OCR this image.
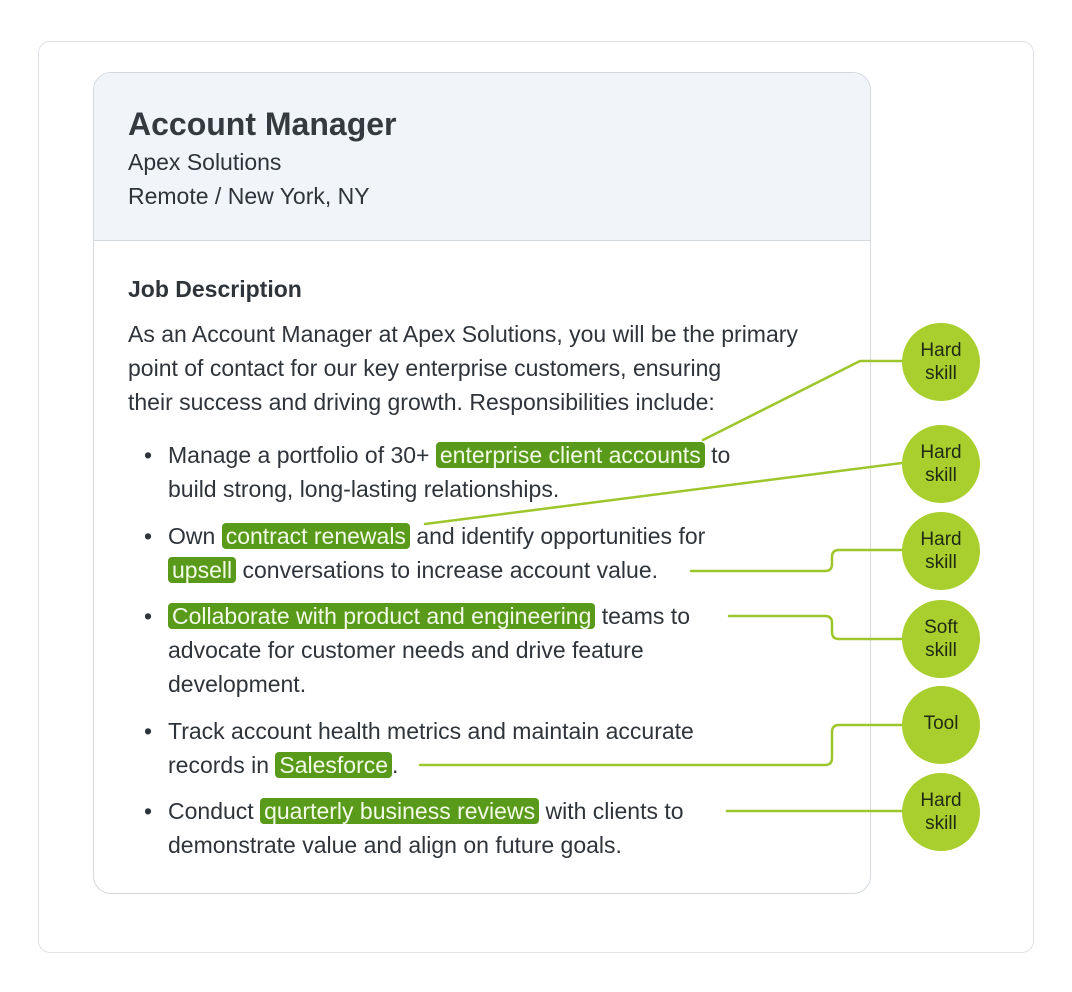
Account Manager
Apex Solutions
Remote / New York, NY
Job Description
As an Account Manager at Apex Solutions, you will be the primary
point of contact for our key enterprise customers, ensuring
their success and driving growth. Responsibilities include:
• Manage a portfolio of 30+ enterprise client accounts to
build strong, long-lasting relationships.
• Own contract renewals and identify opportunities for
upsell conversations to increase account value.
• Collaborate with product and engineering teams to
advocate for customer needs and drive feature
development.
• Track account health metrics and maintain accurate
records in Salesforce .
• Conduct quarterly business reviews with clients to
demonstrate value and align on future goals.
Hard
skill
Hard
skill
Hard
skill
Soft
skill
Tool
Hard
skill
